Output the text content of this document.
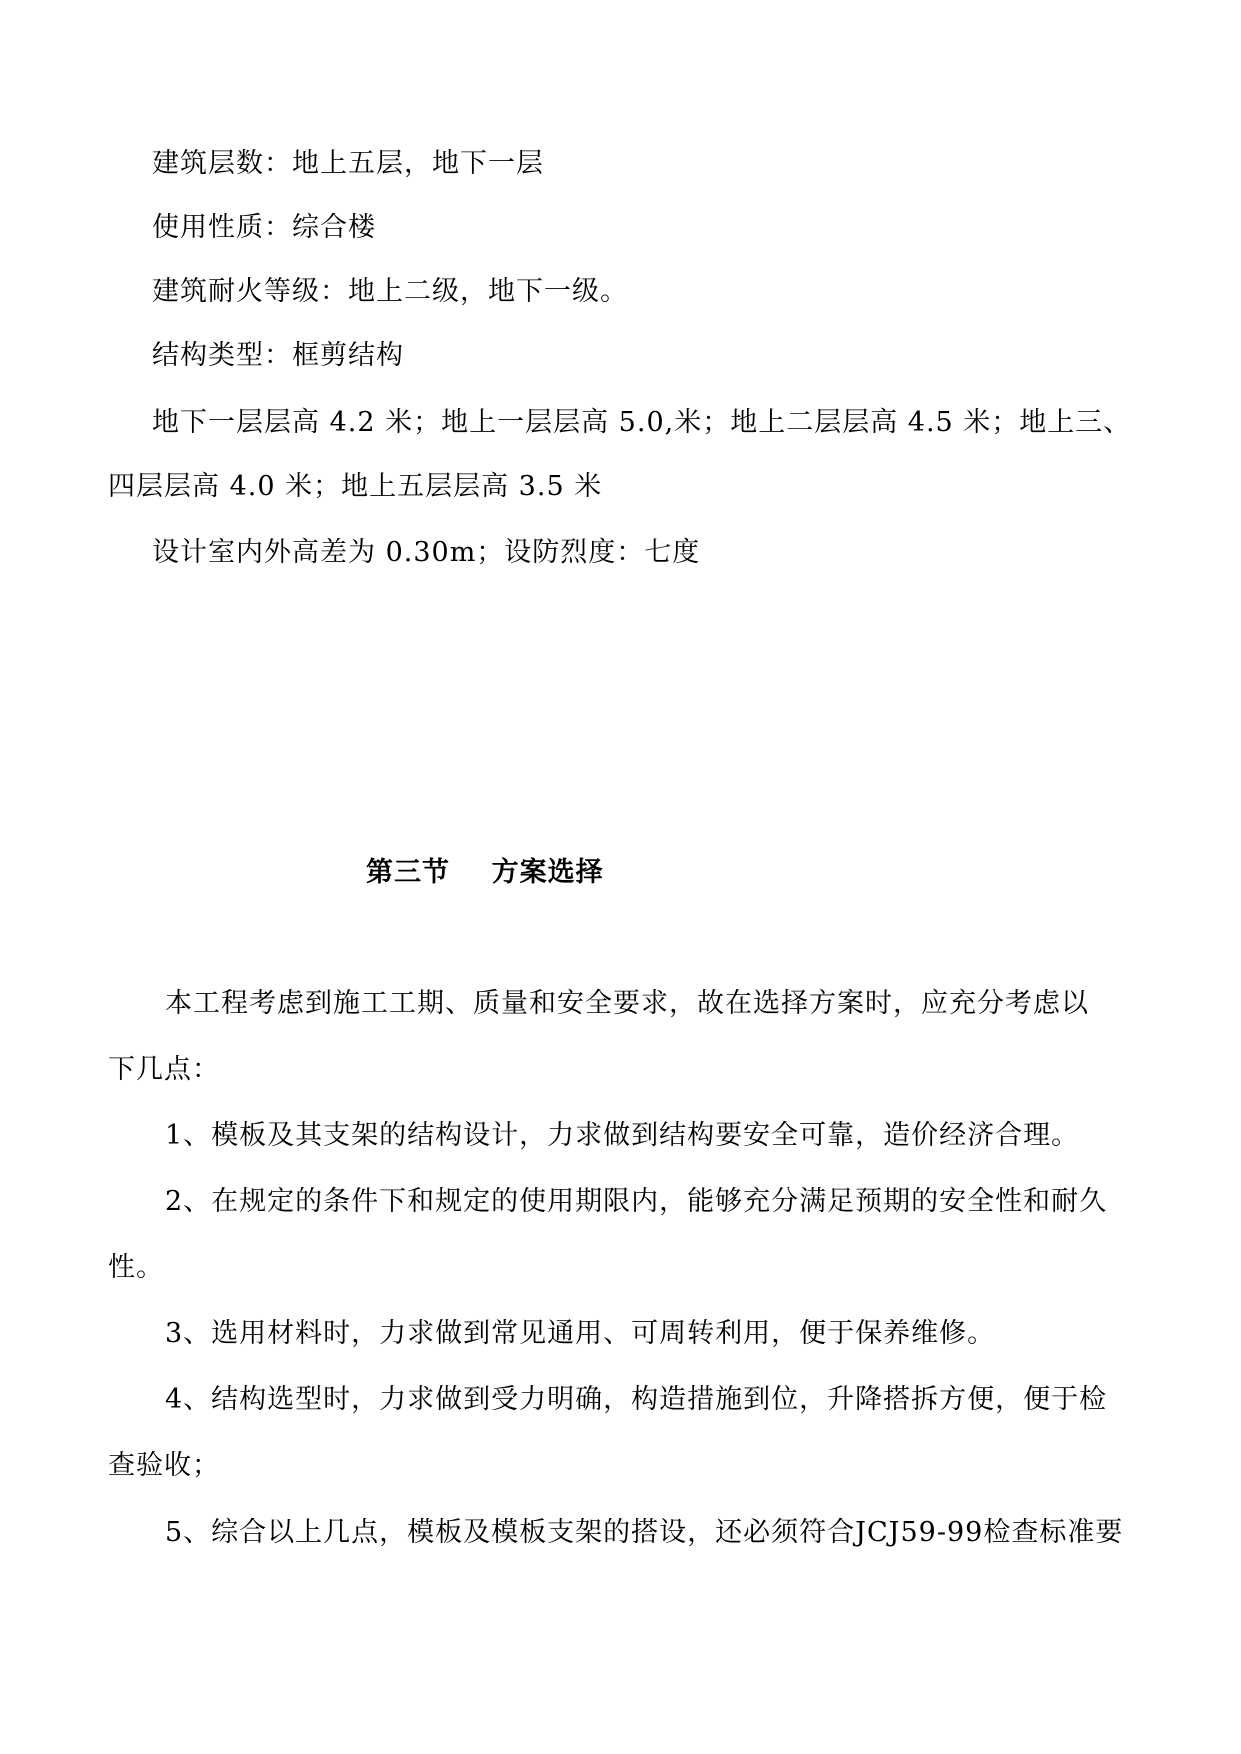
建筑层数：地上五层，地下一层
使用性质：综合楼
建筑耐火等级：地上二级，地下一级。
结构类型：框剪结构
地下一层层高 4.2 米；地上一层层高 5.0,米；地上二层层高 4.5 米；地上三、
四层层高 4.0 米；地上五层层高 3.5 米
设计室内外高差为 0.30m；设防烈度：七度
第三节    方案选择
本工程考虑到施工工期、质量和安全要求，故在选择方案时，应充分考虑以
下几点：
1、模板及其支架的结构设计，力求做到结构要安全可靠，造价经济合理。
2、在规定的条件下和规定的使用期限内，能够充分满足预期的安全性和耐久
性。
3、选用材料时，力求做到常见通用、可周转利用，便于保养维修。
4、结构选型时，力求做到受力明确，构造措施到位，升降搭拆方便，便于检
查验收；
5、综合以上几点，模板及模板支架的搭设，还必须符合JCJ59-99检查标准要
